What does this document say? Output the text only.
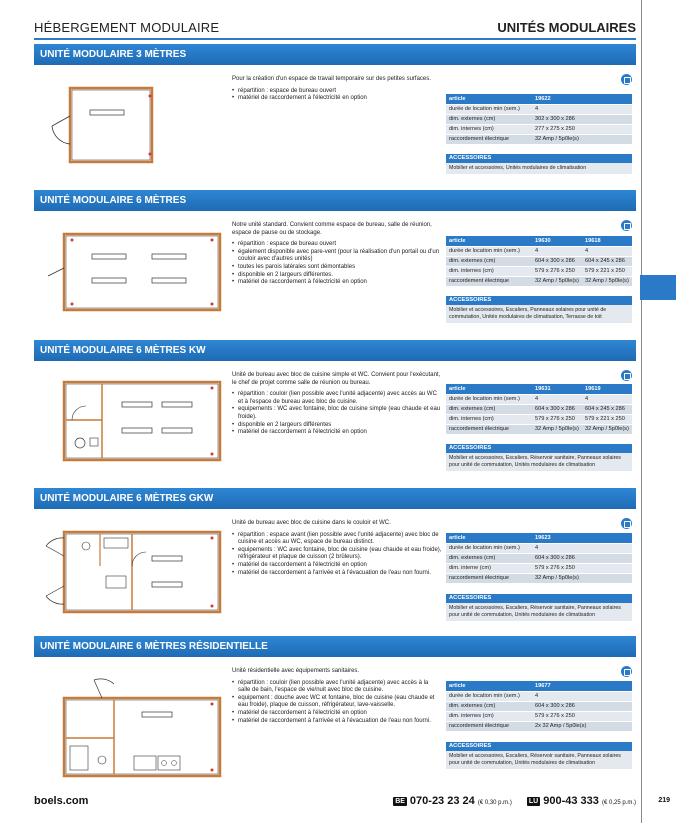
HÉBERGEMENT MODULAIRE	UNITÉS MODULAIRES
UNITÉ MODULAIRE 3 MÈTRES

Pour la création d'un espace de travail temporaire sur des petites surfaces.

• répartition : espace de bureau ouvert
• matériel de raccordement à l'électricité en option	article	19622
durée de location min (sem.)	4
dim. externes (cm)	302 x 300 x 286
dim. internes (cm)	277 x 275 x 250
raccordement électrique	32 Amp / 5p0le(s)
ACCESSOIRES
Mobilier et accessoires, Unités modulaires de climatisation
UNITÉ MODULAIRE 6 MÈTRES

Notre unité standard. Convient comme espace de bureau, salle de réunion, espace de pause ou de stockage.

• répartition : espace de bureau ouvert
• également disponible avec pare-vent (pour la réalisation d'un portail ou d'un couloir avec d'autres unités)
• toutes les parois latérales sont démontables
• disponible en 2 largeurs différentes.
• matériel de raccordement à l'électricité en option
article	19630	19618
durée de location min (sem.)	4	4
dim. externes (cm)	604 x 300 x 286	604 x 245 x 286
dim. internes (cm)	579 x 276 x 250	579 x 221 x 250
raccordement électrique	32 Amp / 5p0le(s)	32 Amp / 5p0le(s)
ACCESSOIRES
Mobilier et accessoires, Escaliers, Panneaux solaires pour unité de commutation, Unités modulaires de climatisation, Terrasse de toit
UNITÉ MODULAIRE 6 MÈTRES KW

Unité de bureau avec bloc de cuisine simple et WC. Convient pour l'exécutant, le chef de projet comme salle de réunion ou bureau.

• répartition : couloir (lien possible avec l'unité adjacente) avec accès au WC et à l'espace de bureau avec bloc de cuisine.
• equipements : WC avec fontaine, bloc de cuisine simple (eau chaude et eau froide).
• disponible en 2 largeurs différentes
• matériel de raccordement à l'électricité en option
article	19631	19619
durée de location min (sem.)	4	4
dim. externes (cm)	604 x 300 x 286	604 x 245 x 286
dim. internes (cm)	579 x 276 x 250	579 x 221 x 250
raccordement électrique	32 Amp / 5p0le(s)	32 Amp / 5p0le(s)
ACCESSOIRES
Mobilier et accessoires, Escaliers, Réservoir sanitaire, Panneaux solaires pour unité de commutation, Unités modulaires de climatisation
UNITÉ MODULAIRE 6 MÈTRES GKW

Unité de bureau avec bloc de cuisine dans le couloir et WC.

• répartition : espace avant (lien possible avec l'unité adjacente) avec bloc de cuisine et accès au WC, espace de bureau distinct.
• equipements : WC avec fontaine, bloc de cuisine (eau chaude et eau froide), réfrigérateur et plaque de cuisson (2 brûleurs).
• matériel de raccordement à l'électricité en option
• matériel de raccordement à l'arrivée et à l'évacuation de l'eau non fourni.
article	19623
durée de location min (sem.)	4
dim. externes (cm)	604 x 300 x 286
dim. interne (cm)	579 x 276 x 250
raccordement électrique	32 Amp / 5p0le(s)
ACCESSOIRES
Mobilier et accessoires, Escaliers, Réservoir sanitaire, Panneaux solaires pour unité de commutation, Unités modulaires de climatisation
UNITÉ MODULAIRE 6 MÈTRES RÉSIDENTIELLE

Unité résidentielle avec équipements sanitaires.

• répartition : couloir (lien possible avec l'unité adjacente) avec accès à la salle de bain, l'espace de vie/nuit avec bloc de cuisine.
• equipement : douche avec WC et fontaine, bloc de cuisine (eau chaude et eau froide), plaque de cuisson, réfrigérateur, lave-vaisselle.
• matériel de raccordement à l'électricité en option
• matériel de raccordement à l'arrivée et à l'évacuation de l'eau non fourni.
article	19677
durée de location min (sem.)	4
dim. externes (cm)	604 x 300 x 286
dim. internes (cm)	579 x 276 x 250
raccordement électrique	2x 32 Amp / 5p0le(s)
ACCESSOIRES
Mobilier et accessoires, Escaliers, Réservoir sanitaire, Panneaux solaires pour unité de commutation, Unités modulaires de climatisation
boels.com	BE 070-23 23 24 (€ 0,30 p.m.) LU 900-43 333 (€ 0,25 p.m.)	219
